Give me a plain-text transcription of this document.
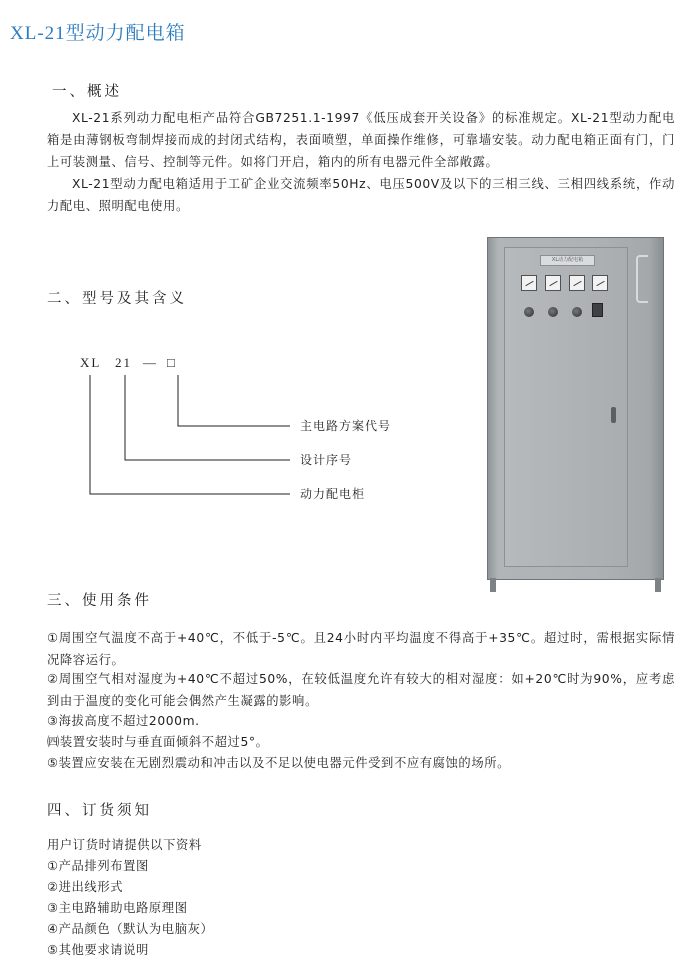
XL-21型动力配电箱
一、概述
XL-21系列动力配电柜产品符合GB7251.1-1997《低压成套开关设备》的标准规定。XL-21型动力配电箱是由薄钢板弯制焊接而成的封闭式结构，表面喷塑，单面操作维修，可靠墙安装。动力配电箱正面有门，门上可装测量、信号、控制等元件。如将门开启，箱内的所有电器元件全部敞露。
XL-21型动力配电箱适用于工矿企业交流频率50Hz、电压500V及以下的三相三线、三相四线系统，作动力配电、照明配电使用。
二、型号及其含义
XL 21 — □
主电路方案代号
设计序号
动力配电柜
XL动力配电箱
三、使用条件
①周围空气温度不高于+40℃，不低于-5℃。且24小时内平均温度不得高于+35℃。超过时，需根据实际情况降容运行。
②周围空气相对湿度为+40℃不超过50%，在较低温度允许有较大的相对湿度：如+20℃时为90%，应考虑到由于温度的变化可能会偶然产生凝露的影响。
③海拔高度不超过2000m.
㈣装置安装时与垂直面倾斜不超过5°。
⑤装置应安装在无剧烈震动和冲击以及不足以使电器元件受到不应有腐蚀的场所。
四、订货须知
用户订货时请提供以下资料
①产品排列布置图
②进出线形式
③主电路辅助电路原理图
④产品颜色（默认为电脑灰）
⑤其他要求请说明
